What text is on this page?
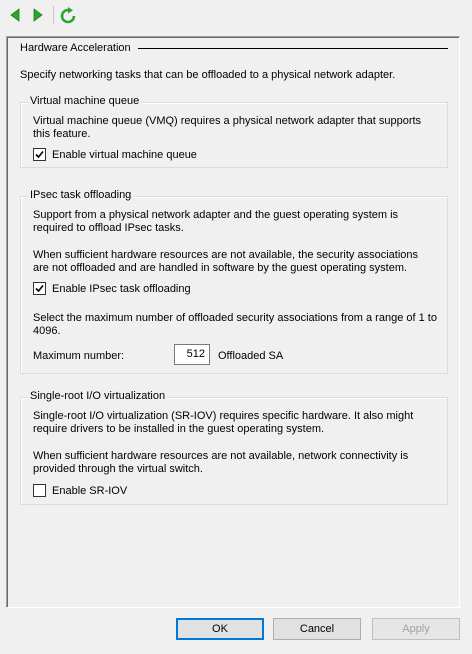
Hardware Acceleration
Specify networking tasks that can be offloaded to a physical network adapter.
Virtual machine queue
Virtual machine queue (VMQ) requires a physical network adapter that supports
this feature.
Enable virtual machine queue
IPsec task offloading
Support from a physical network adapter and the guest operating system is
required to offload IPsec tasks.
When sufficient hardware resources are not available, the security associations
are not offloaded and are handled in software by the guest operating system.
Enable IPsec task offloading
Select the maximum number of offloaded security associations from a range of 1 to
4096.
Maximum number:	512	Offloaded SA
Single-root I/O virtualization
Single-root I/O virtualization (SR-IOV) requires specific hardware. It also might
require drivers to be installed in the guest operating system.
When sufficient hardware resources are not available, network connectivity is
provided through the virtual switch.
Enable SR-IOV
OK	Cancel	Apply
